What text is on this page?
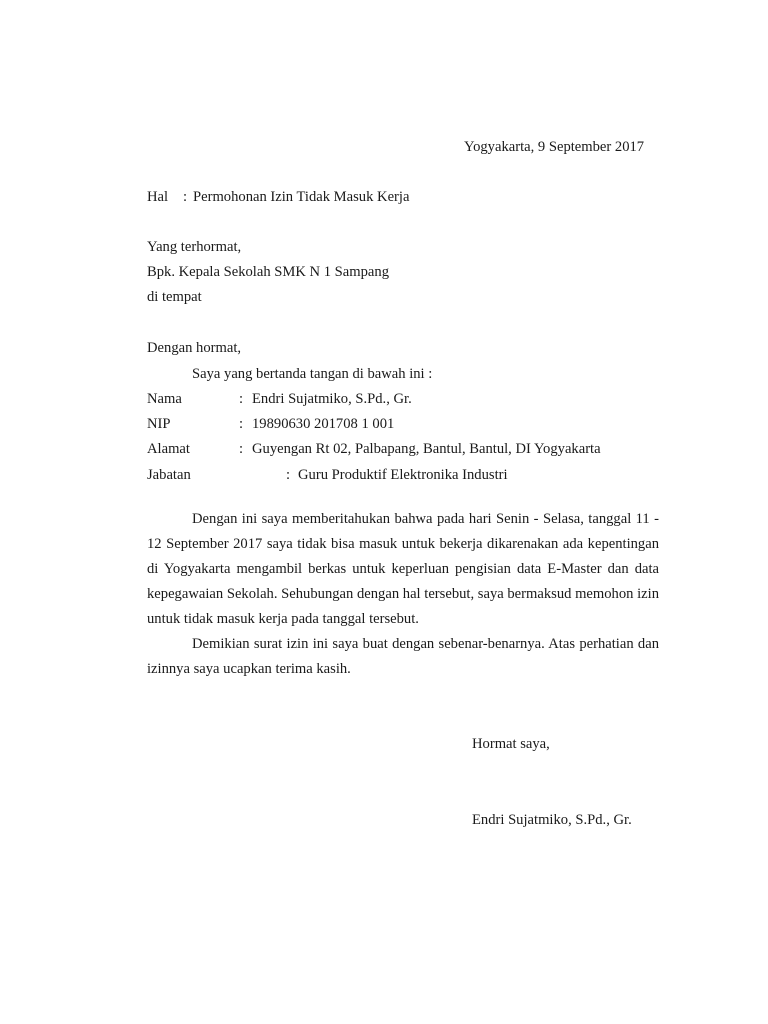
Yogyakarta, 9 September 2017
Hal : Permohonan Izin Tidak Masuk Kerja
Yang terhormat,
Bpk. Kepala Sekolah SMK N 1 Sampang
di tempat
Dengan hormat,
Saya yang bertanda tangan di bawah ini :
Nama	: Endri Sujatmiko, S.Pd., Gr.
NIP	: 19890630 201708 1 001
Alamat	: Guyengan Rt 02, Palbapang, Bantul, Bantul, DI Yogyakarta
Jabatan	: Guru Produktif Elektronika Industri

Dengan ini saya memberitahukan bahwa pada hari Senin - Selasa, tanggal 11 - 12 September 2017 saya tidak bisa masuk untuk bekerja dikarenakan ada kepentingan di Yogyakarta mengambil berkas untuk keperluan pengisian data E-Master dan data kepegawaian Sekolah. Sehubungan dengan hal tersebut, saya bermaksud memohon izin untuk tidak masuk kerja pada tanggal tersebut.

Demikian surat izin ini saya buat dengan sebenar-benarnya. Atas perhatian dan izinnya saya ucapkan terima kasih.

Hormat saya,
Endri Sujatmiko, S.Pd., Gr.
